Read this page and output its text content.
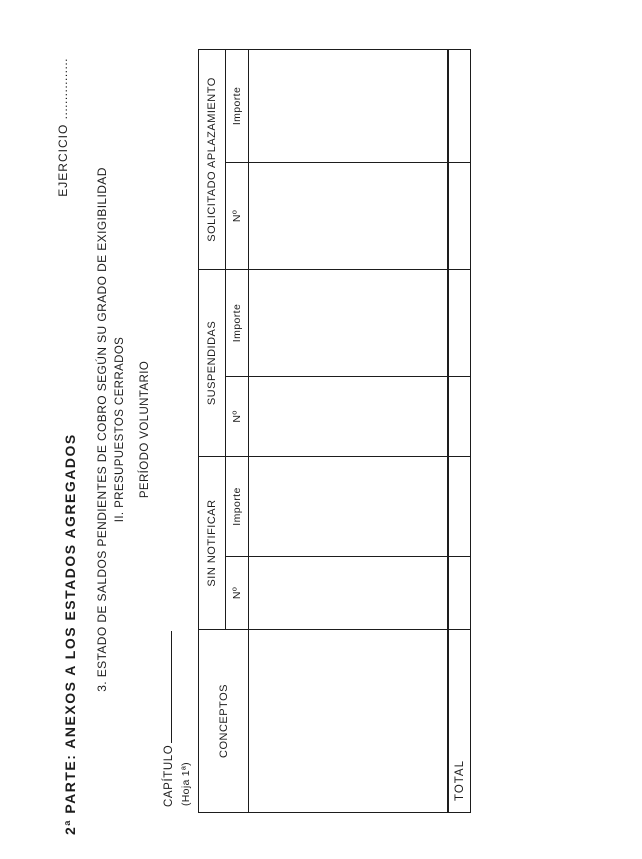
2ª PARTE: ANEXOS A LOS ESTADOS AGREGADOS
EJERCICIO ................
3. ESTADO DE SALDOS PENDIENTES DE COBRO SEGÚN SU GRADO DE EXIGIBILIDAD II. PRESUPUESTOS CERRADOS PERÍODO VOLUNTARIO
CAPÍTULO (Hoja 1ª)
CONCEPTOS	SIN NOTIFICAR		SUSPENDIDAS		SOLICITADO APLAZAMIENTO	
	Nº	Importe	Nº	Importe	Nº	Importe

TOTAL						
